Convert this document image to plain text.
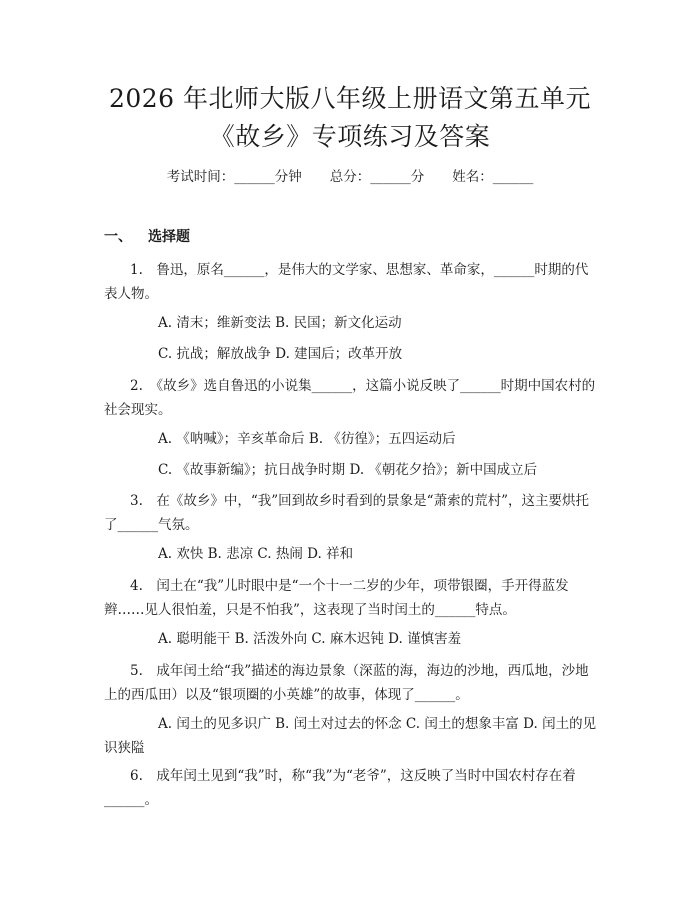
2026 年北师大版八年级上册语文第五单元
《故乡》专项练习及答案
考试时间：______分钟 总分：______分 姓名：______
一、 选择题
1.　鲁迅，原名______，是伟大的文学家、思想家、革命家，______时期的代表人物。
A. 清末；维新变法 B. 民国；新文化运动
C. 抗战；解放战争 D. 建国后；改革开放
2.　《故乡》选自鲁迅的小说集______，这篇小说反映了______时期中国农村的社会现实。
A. 《呐喊》；辛亥革命后 B. 《彷徨》；五四运动后
C. 《故事新编》；抗日战争时期 D. 《朝花夕拾》；新中国成立后
3.　在《故乡》中，“我”回到故乡时看到的景象是“萧索的荒村”，这主要烘托了______气氛。
A. 欢快 B. 悲凉 C. 热闹 D. 祥和
4.　闰土在“我”儿时眼中是“一个十一二岁的少年，项带银圈，手开得蓝发辫……见人很怕羞，只是不怕我”，这表现了当时闰土的______特点。
A. 聪明能干 B. 活泼外向 C. 麻木迟钝 D. 谨慎害羞
5.　成年闰土给“我”描述的海边景象（深蓝的海，海边的沙地，西瓜地，沙地上的西瓜田）以及“银项圈的小英雄”的故事，体现了______。
A. 闰土的见多识广 B. 闰土对过去的怀念 C. 闰土的想象丰富 D. 闰土的见识狭隘
6.　成年闰土见到“我”时，称“我”为“老爷”，这反映了当时中国农村存在着______。
